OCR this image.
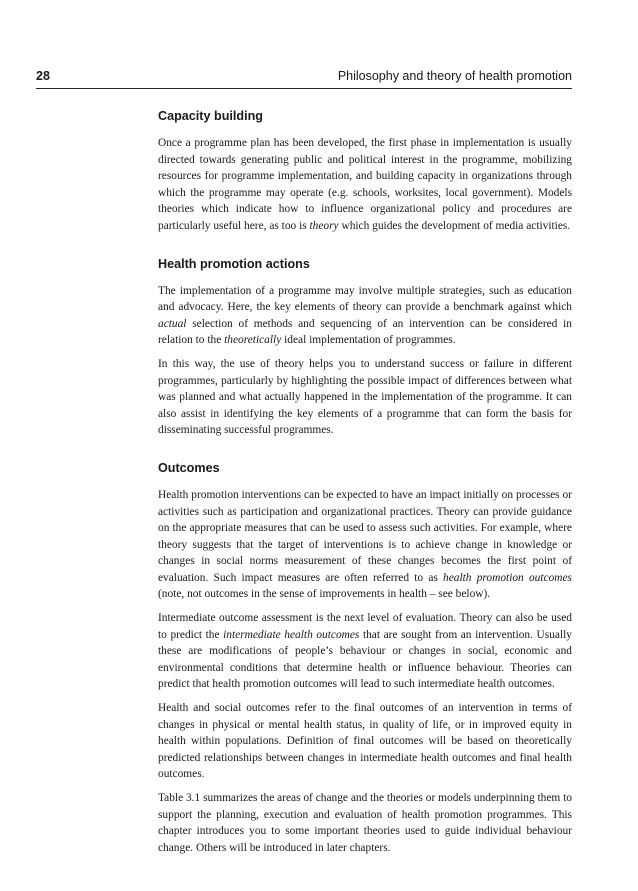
28	Philosophy and theory of health promotion
Capacity building

Once a programme plan has been developed, the first phase in implementation is usually directed towards generating public and political interest in the programme, mobilizing resources for programme implementation, and building capacity in organizations through which the programme may operate (e.g. schools, worksites, local government). Models theories which indicate how to influence organizational policy and procedures are particularly useful here, as too is theory which guides the development of media activities.

Health promotion actions

The implementation of a programme may involve multiple strategies, such as education and advocacy. Here, the key elements of theory can provide a benchmark against which actual selection of methods and sequencing of an intervention can be considered in relation to the theoretically ideal implementation of programmes.

In this way, the use of theory helps you to understand success or failure in different programmes, particularly by highlighting the possible impact of differences between what was planned and what actually happened in the implementation of the programme. It can also assist in identifying the key elements of a programme that can form the basis for disseminating successful programmes.

Outcomes

Health promotion interventions can be expected to have an impact initially on processes or activities such as participation and organizational practices. Theory can provide guidance on the appropriate measures that can be used to assess such activities. For example, where theory suggests that the target of interventions is to achieve change in knowledge or changes in social norms measurement of these changes becomes the first point of evaluation. Such impact measures are often referred to as health promotion outcomes (note, not outcomes in the sense of improvements in health – see below).

Intermediate outcome assessment is the next level of evaluation. Theory can also be used to predict the intermediate health outcomes that are sought from an intervention. Usually these are modifications of people’s behaviour or changes in social, economic and environmental conditions that determine health or influence behaviour. Theories can predict that health promotion outcomes will lead to such intermediate health outcomes.

Health and social outcomes refer to the final outcomes of an intervention in terms of changes in physical or mental health status, in quality of life, or in improved equity in health within populations. Definition of final outcomes will be based on theoretically predicted relationships between changes in intermediate health outcomes and final health outcomes.

Table 3.1 summarizes the areas of change and the theories or models underpinning them to support the planning, execution and evaluation of health promotion programmes. This chapter introduces you to some important theories used to guide individual behaviour change. Others will be introduced in later chapters.
